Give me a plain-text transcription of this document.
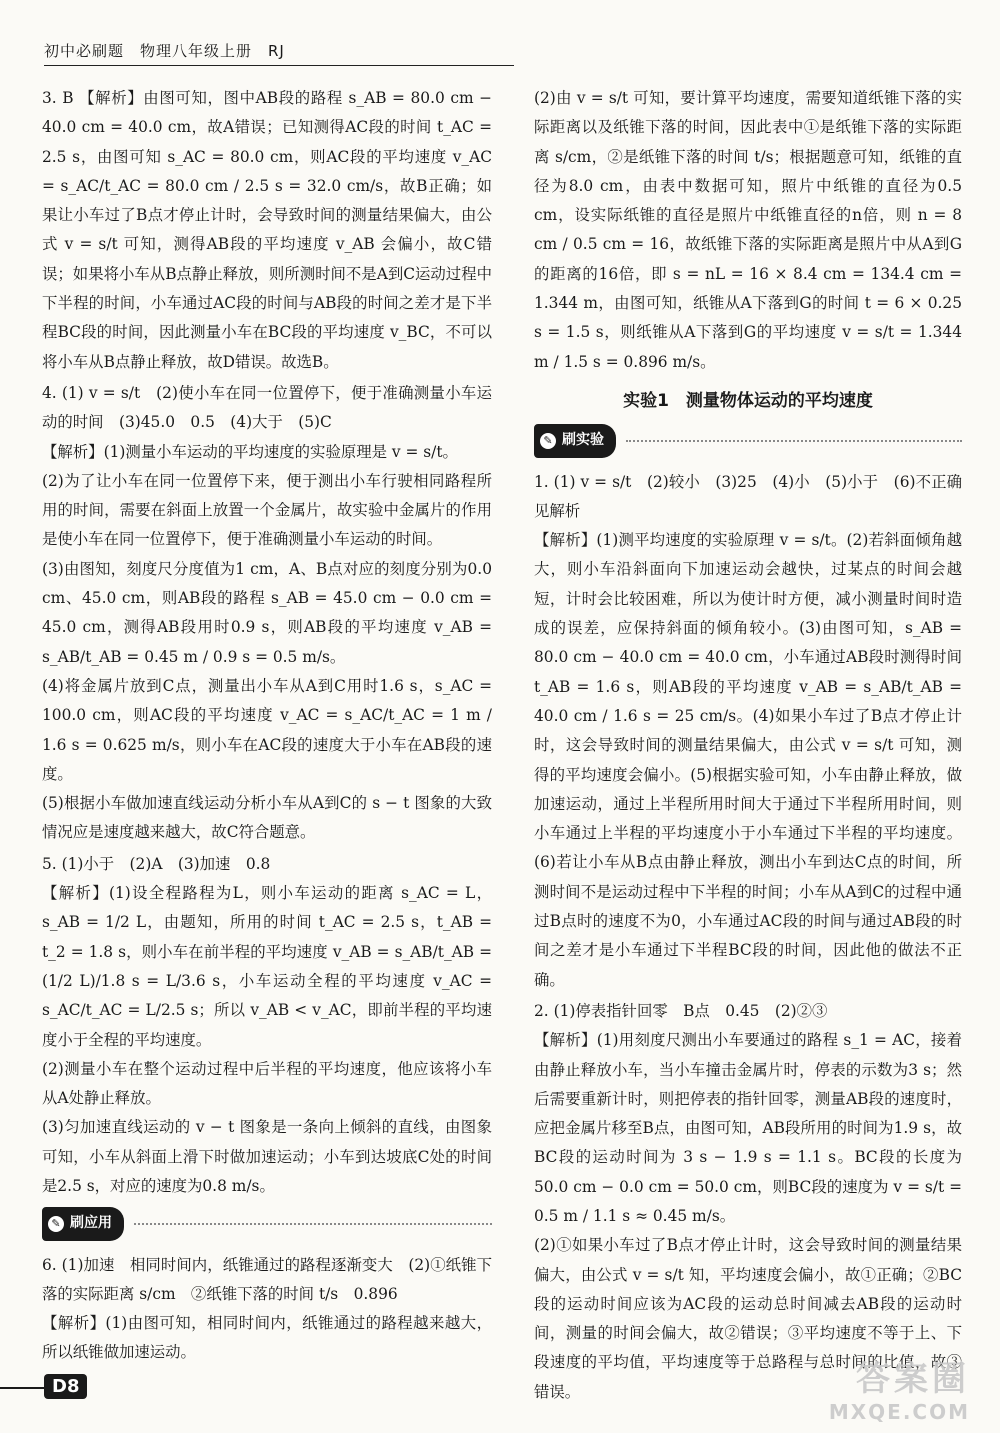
初中必刷题　物理八年级上册　RJ

3. B 【解析】由图可知，图中AB段的路程 s_AB = 80.0 cm − 40.0 cm = 40.0 cm，故A错误；已知测得AC段的时间 t_AC = 2.5 s，由图可知 s_AC = 80.0 cm，则AC段的平均速度 v_AC = s_AC/t_AC = 80.0 cm / 2.5 s = 32.0 cm/s，故B正确；如果让小车过了B点才停止计时，会导致时间的测量结果偏大，由公式 v = s/t 可知，测得AB段的平均速度 v_AB 会偏小，故C错误；如果将小车从B点静止释放，则所测时间不是A到C运动过程中下半程的时间，小车通过AC段的时间与AB段的时间之差才是下半程BC段的时间，因此测量小车在BC段的平均速度 v_BC，不可以将小车从B点静止释放，故D错误。故选B。

4. (1) v = s/t　(2)使小车在同一位置停下，便于准确测量小车运动的时间　(3)45.0　0.5　(4)大于　(5)C

【解析】(1)测量小车运动的平均速度的实验原理是 v = s/t。

(2)为了让小车在同一位置停下来，便于测出小车行驶相同路程所用的时间，需要在斜面上放置一个金属片，故实验中金属片的作用是使小车在同一位置停下，便于准确测量小车运动的时间。

(3)由图知，刻度尺分度值为1 cm，A、B点对应的刻度分别为0.0 cm、45.0 cm，则AB段的路程 s_AB = 45.0 cm − 0.0 cm = 45.0 cm，测得AB段用时0.9 s，则AB段的平均速度 v_AB = s_AB/t_AB = 0.45 m / 0.9 s = 0.5 m/s。

(4)将金属片放到C点，测量出小车从A到C用时1.6 s，s_AC = 100.0 cm，则AC段的平均速度 v_AC = s_AC/t_AC = 1 m / 1.6 s = 0.625 m/s，则小车在AC段的速度大于小车在AB段的速度。

(5)根据小车做加速直线运动分析小车从A到C的 s − t 图象的大致情况应是速度越来越大，故C符合题意。

5. (1)小于　(2)A　(3)加速　0.8

【解析】(1)设全程路程为L，则小车运动的距离 s_AC = L，s_AB = 1/2 L，由题知，所用的时间 t_AC = 2.5 s，t_AB = t_2 = 1.8 s，则小车在前半程的平均速度 v_AB = s_AB/t_AB = (1/2 L)/1.8 s = L/3.6 s，小车运动全程的平均速度 v_AC = s_AC/t_AC = L/2.5 s；所以 v_AB < v_AC，即前半程的平均速度小于全程的平均速度。

(2)测量小车在整个运动过程中后半程的平均速度，他应该将小车从A处静止释放。

(3)匀加速直线运动的 v − t 图象是一条向上倾斜的直线，由图象可知，小车从斜面上滑下时做加速运动；小车到达坡底C处的时间是2.5 s，对应的速度为0.8 m/s。

✎ 刷应用

6. (1)加速　相同时间内，纸锥通过的路程逐渐变大　(2)①纸锥下落的实际距离 s/cm　②纸锥下落的时间 t/s　0.896

【解析】(1)由图可知，相同时间内，纸锥通过的路程越来越大，所以纸锥做加速运动。

(2)由 v = s/t 可知，要计算平均速度，需要知道纸锥下落的实际距离以及纸锥下落的时间，因此表中①是纸锥下落的实际距离 s/cm，②是纸锥下落的时间 t/s；根据题意可知，纸锥的直径为8.0 cm，由表中数据可知，照片中纸锥的直径为0.5 cm，设实际纸锥的直径是照片中纸锥直径的n倍，则 n = 8 cm / 0.5 cm = 16，故纸锥下落的实际距离是照片中从A到G的距离的16倍，即 s = nL = 16 × 8.4 cm = 134.4 cm = 1.344 m，由图可知，纸锥从A下落到G的时间 t = 6 × 0.25 s = 1.5 s，则纸锥从A下落到G的平均速度 v = s/t = 1.344 m / 1.5 s = 0.896 m/s。

实验1　测量物体运动的平均速度
✎ 刷实验

1. (1) v = s/t　(2)较小　(3)25　(4)小　(5)小于　(6)不正确　见解析

【解析】(1)测平均速度的实验原理 v = s/t。(2)若斜面倾角越大，则小车沿斜面向下加速运动会越快，过某点的时间会越短，计时会比较困难，所以为使计时方便，减小测量时间时造成的误差，应保持斜面的倾角较小。(3)由图可知，s_AB = 80.0 cm − 40.0 cm = 40.0 cm，小车通过AB段时测得时间 t_AB = 1.6 s，则AB段的平均速度 v_AB = s_AB/t_AB = 40.0 cm / 1.6 s = 25 cm/s。(4)如果小车过了B点才停止计时，这会导致时间的测量结果偏大，由公式 v = s/t 可知，测得的平均速度会偏小。(5)根据实验可知，小车由静止释放，做加速运动，通过上半程所用时间大于通过下半程所用时间，则小车通过上半程的平均速度小于小车通过下半程的平均速度。(6)若让小车从B点由静止释放，测出小车到达C点的时间，所测时间不是运动过程中下半程的时间；小车从A到C的过程中通过B点时的速度不为0，小车通过AC段的时间与通过AB段的时间之差才是小车通过下半程BC段的时间，因此他的做法不正确。

2. (1)停表指针回零　B点　0.45　(2)②③

【解析】(1)用刻度尺测出小车要通过的路程 s_1 = AC，接着由静止释放小车，当小车撞击金属片时，停表的示数为3 s；然后需要重新计时，则把停表的指针回零，测量AB段的速度时，应把金属片移至B点，由图可知，AB段所用的时间为1.9 s，故BC段的运动时间为 3 s − 1.9 s = 1.1 s。BC段的长度为 50.0 cm − 0.0 cm = 50.0 cm，则BC段的速度为 v = s/t = 0.5 m / 1.1 s ≈ 0.45 m/s。

(2)①如果小车过了B点才停止计时，这会导致时间的测量结果偏大，由公式 v = s/t 知，平均速度会偏小，故①正确；②BC段的运动时间应该为AC段的运动总时间减去AB段的运动时间，测量的时间会偏大，故②错误；③平均速度不等于上、下段速度的平均值，平均速度等于总路程与总时间的比值，故③错误。

D8	答案圈
MXQE.COM
